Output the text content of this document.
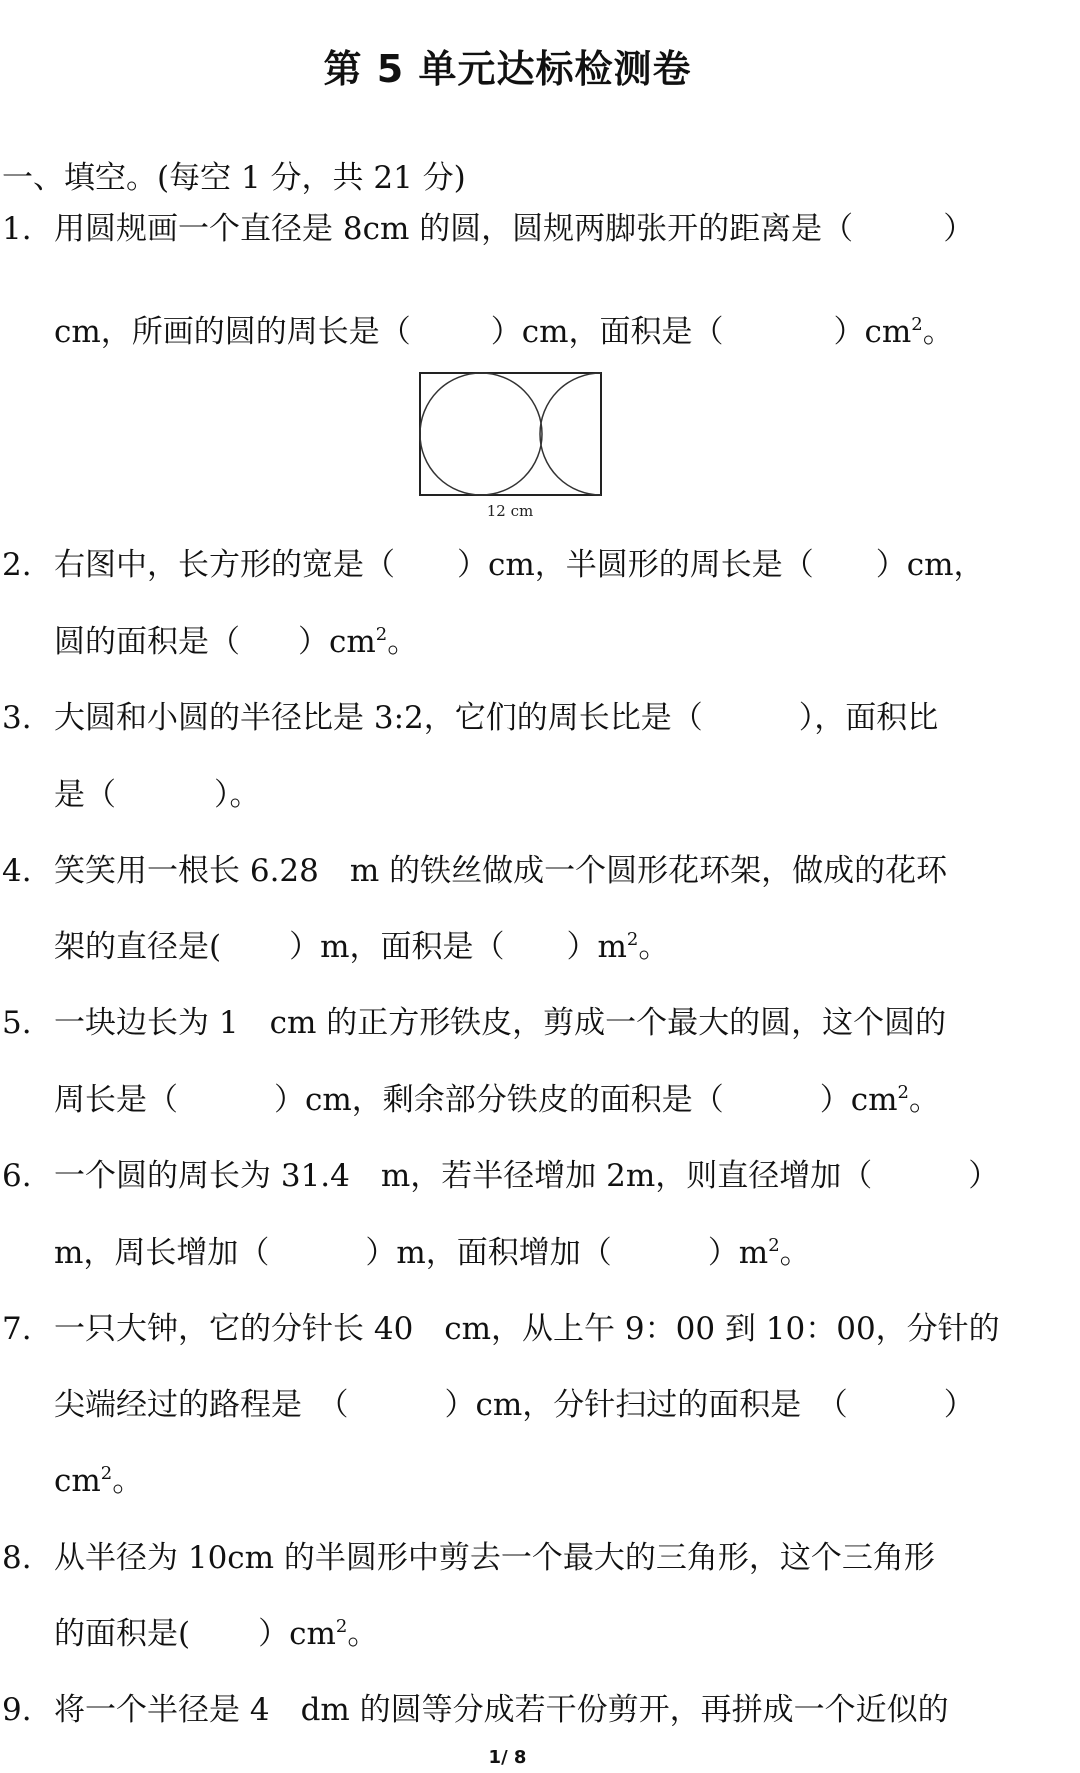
第 5 单元达标检测卷
一、填空。(每空 1 分，共 21 分)
1. 用圆规画一个直径是 8cm 的圆，圆规两脚张开的距离是（	）
cm，所画的圆的周长是（	）cm，面积是（	）$cm^2$。
12 cm
2. 右图中，长方形的宽是（ ）cm，半圆形的周长是（ ）cm，
圆的面积是（ ）$cm^2$。
3. 大圆和小圆的半径比是 3:2，它们的周长比是（	），面积比
是（	）。
4. 笑笑用一根长 6.28　m 的铁丝做成一个圆形花环架，做成的花环
架的直径是( ）m，面积是（ ）$m^2$。
5. 一块边长为 1　cm 的正方形铁皮，剪成一个最大的圆，这个圆的
周长是（	）cm，剩余部分铁皮的面积是（	）$cm^2$。
6. 一个圆的周长为 31.4　m，若半径增加 2m，则直径增加（	）
m，周长增加（	）m，面积增加（	）$m^2$。
7. 一只大钟，它的分针长 40　cm，从上午 9：00 到 10：00，分针的
尖端经过的路程是　（	）cm，分针扫过的面积是　（	）
$cm^2$。
8. 从半径为 10cm 的半圆形中剪去一个最大的三角形，这个三角形
的面积是( ）$cm^2$。
9. 将一个半径是 4　dm 的圆等分成若干份剪开，再拼成一个近似的
1/ 8
